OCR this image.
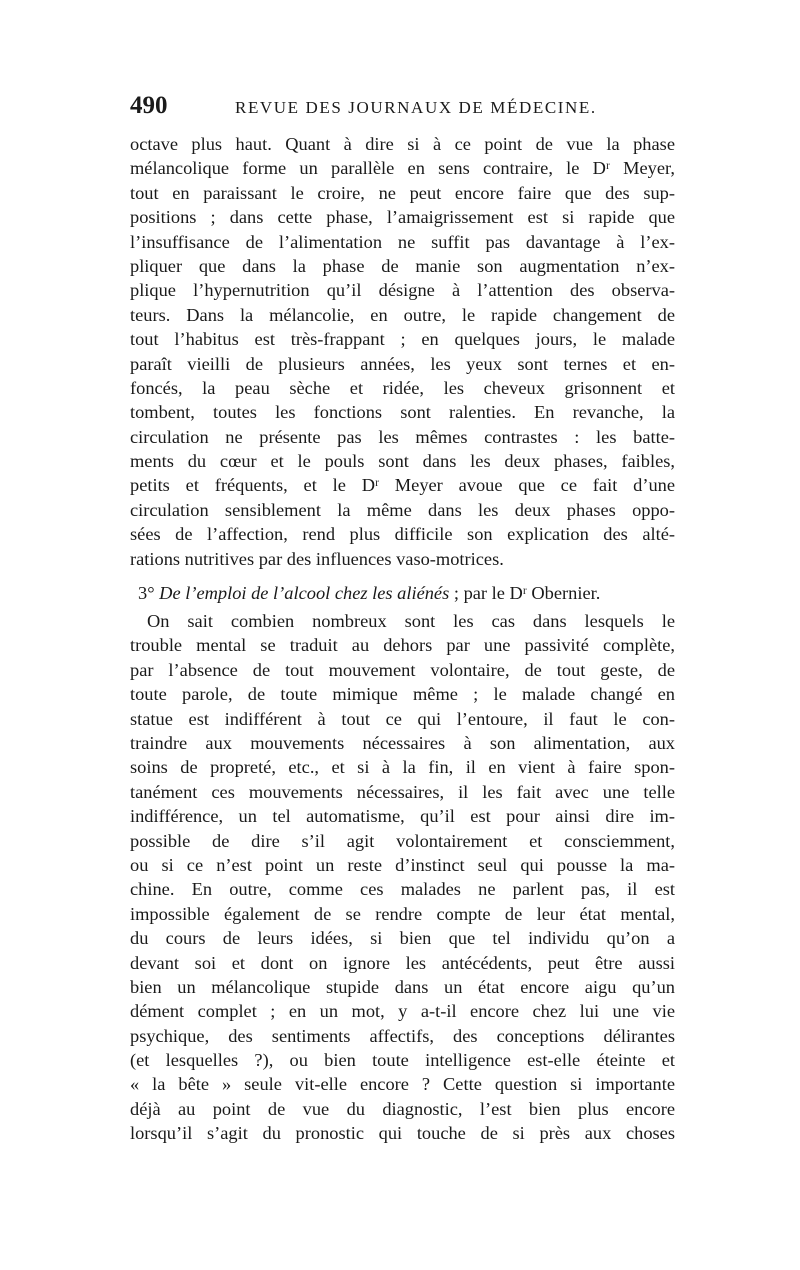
490	REVUE DES JOURNAUX DE MÉDECINE.
octave plus haut. Quant à dire si à ce point de vue la phase
mélancolique forme un parallèle en sens contraire, le Dʳ Meyer,
tout en paraissant le croire, ne peut encore faire que des sup-
positions ; dans cette phase, l’amaigrissement est si rapide que
l’insuffisance de l’alimentation ne suffit pas davantage à l’ex-
pliquer que dans la phase de manie son augmentation n’ex-
plique l’hypernutrition qu’il désigne à l’attention des observa-
teurs. Dans la mélancolie, en outre, le rapide changement de
tout l’habitus est très-frappant ; en quelques jours, le malade
paraît vieilli de plusieurs années, les yeux sont ternes et en-
foncés, la peau sèche et ridée, les cheveux grisonnent et
tombent, toutes les fonctions sont ralenties. En revanche, la
circulation ne présente pas les mêmes contrastes : les batte-
ments du cœur et le pouls sont dans les deux phases, faibles,
petits et fréquents, et le Dʳ Meyer avoue que ce fait d’une
circulation sensiblement la même dans les deux phases oppo-
sées de l’affection, rend plus difficile son explication des alté-
rations nutritives par des influences vaso-motrices.
3° De l’emploi de l’alcool chez les aliénés ; par le Dʳ Obernier.
On sait combien nombreux sont les cas dans lesquels le
trouble mental se traduit au dehors par une passivité complète,
par l’absence de tout mouvement volontaire, de tout geste, de
toute parole, de toute mimique même ; le malade changé en
statue est indifférent à tout ce qui l’entoure, il faut le con-
traindre aux mouvements nécessaires à son alimentation, aux
soins de propreté, etc., et si à la fin, il en vient à faire spon-
tanément ces mouvements nécessaires, il les fait avec une telle
indifférence, un tel automatisme, qu’il est pour ainsi dire im-
possible de dire s’il agit volontairement et consciemment,
ou si ce n’est point un reste d’instinct seul qui pousse la ma-
chine. En outre, comme ces malades ne parlent pas, il est
impossible également de se rendre compte de leur état mental,
du cours de leurs idées, si bien que tel individu qu’on a
devant soi et dont on ignore les antécédents, peut être aussi
bien un mélancolique stupide dans un état encore aigu qu’un
dément complet ; en un mot, y a-t-il encore chez lui une vie
psychique, des sentiments affectifs, des conceptions délirantes
(et lesquelles ?), ou bien toute intelligence est-elle éteinte et
« la bête » seule vit-elle encore ? Cette question si importante
déjà au point de vue du diagnostic, l’est bien plus encore
lorsqu’il s’agit du pronostic qui touche de si près aux choses
